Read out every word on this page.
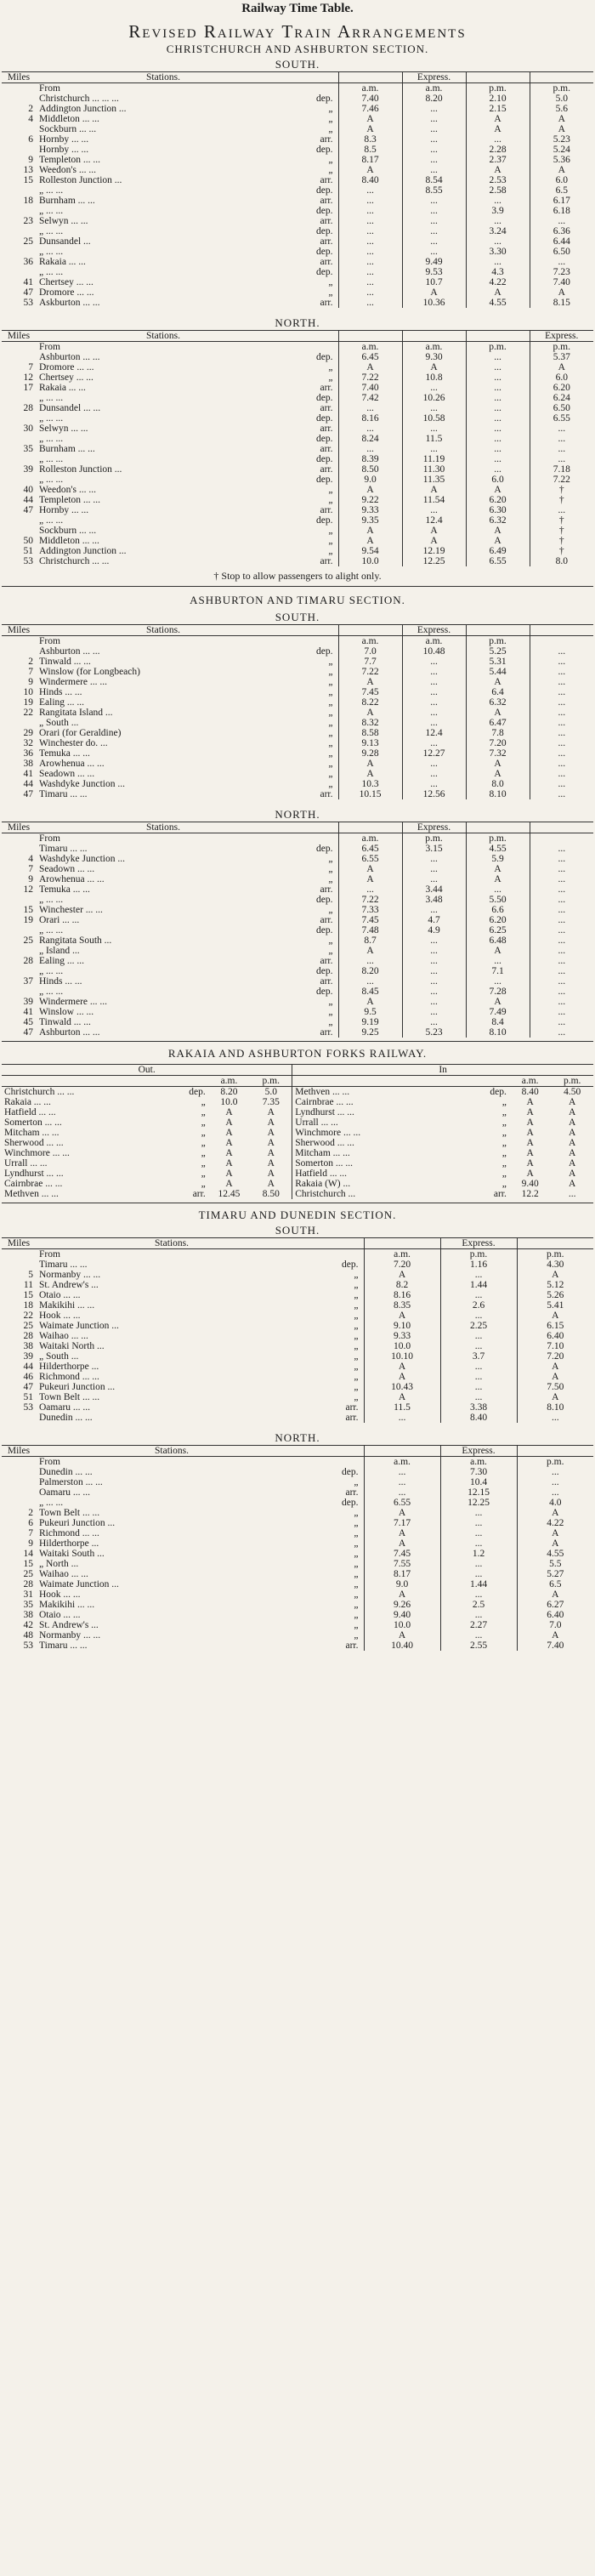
Railway Time Table.
Revised Railway Train Arrangements
CHRISTCHURCH AND ASHBURTON SECTION.
SOUTH.
Miles	Stations.			Express.		
	From		a.m.	a.m.	p.m.	p.m.
	Christchurch ... ... ...	dep.	7.40	8.20	2.10	5.0
2	Addington Junction ...	„	7.46	...	2.15	5.6
4	Middleton ... ...	„	A	...	A	A
	Sockburn ... ...	„	A	...	A	A
6	Hornby ... ...	arr.	8.3	...	...	5.23
	Hornby ... ...	dep.	8.5	...	2.28	5.24
9	Templeton ... ...	„	8.17	...	2.37	5.36
13	Weedon's ... ...	„	A	...	A	A
15	Rolleston Junction ...	arr.	8.40	8.54	2.53	6.0
	„ ... ...	dep.	...	8.55	2.58	6.5
18	Burnham ... ...	arr.	...	...	...	6.17
	„ ... ...	dep.	...	...	3.9	6.18
23	Selwyn ... ...	arr.	...	...	...	...
	„ ... ...	dep.	...	...	3.24	6.36
25	Dunsandel ...	arr.	...	...	...	6.44
	„ ... ...	dep.	...	...	3.30	6.50
36	Rakaia ... ...	arr.	...	9.49	...	...
	„ ... ...	dep.	...	9.53	4.3	7.23
41	Chertsey ... ...	„	...	10.7	4.22	7.40
47	Dromore ... ...	„	...	A	A	A
53	Askburton ... ...	arr.	...	10.36	4.55	8.15
NORTH.
Miles	Stations.					Express.
	From		a.m.	a.m.	p.m.	p.m.
	Ashburton ... ...	dep.	6.45	9.30	...	5.37
7	Dromore ... ...	„	A	A	...	A
12	Chertsey ... ...	„	7.22	10.8	...	6.0
17	Rakaia ... ...	arr.	7.40	...	...	6.20
	„ ... ...	dep.	7.42	10.26	...	6.24
28	Dunsandel ... ...	arr.	...	...	...	6.50
	„ ... ...	dep.	8.16	10.58	...	6.55
30	Selwyn ... ...	arr.	...	...	...	...
	„ ... ...	dep.	8.24	11.5	...	...
35	Burnham ... ...	arr.	...	...	...	...
	„ ... ...	dep.	8.39	11.19	...	...
39	Rolleston Junction ...	arr.	8.50	11.30	...	7.18
	„ ... ...	dep.	9.0	11.35	6.0	7.22
40	Weedon's ... ...	„	A	A	A	†
44	Templeton ... ...	„	9.22	11.54	6.20	†
47	Hornby ... ...	arr.	9.33	...	6.30	...
	„ ... ...	dep.	9.35	12.4	6.32	†
	Sockburn ... ...	„	A	A	A	†
50	Middleton ... ...	„	A	A	A	†
51	Addington Junction ...	„	9.54	12.19	6.49	†
53	Christchurch ... ...	arr.	10.0	12.25	6.55	8.0
† Stop to allow passengers to alight only.
ASHBURTON AND TIMARU SECTION.
SOUTH.
Miles	Stations.			Express.		
	From		a.m.	a.m.	p.m.	
	Ashburton ... ...	dep.	7.0	10.48	5.25	...
2	Tinwald ... ...	„	7.7	...	5.31	...
7	Winslow (for Longbeach)	„	7.22	...	5.44	...
9	Windermere ... ...	„	A	...	A	...
10	Hinds ... ...	„	7.45	...	6.4	...
19	Ealing ... ...	„	8.22	...	6.32	...
22	Rangitata Island ...	„	A	...	A	...
	„ South ...	„	8.32	...	6.47	...
29	Orari (for Geraldine)	„	8.58	12.4	7.8	...
32	Winchester do. ...	„	9.13	...	7.20	...
36	Temuka ... ...	„	9.28	12.27	7.32	...
38	Arowhenua ... ...	„	A	...	A	...
41	Seadown ... ...	„	A	...	A	...
44	Washdyke Junction ...	„	10.3	...	8.0	...
47	Timaru ... ...	arr.	10.15	12.56	8.10	...
NORTH.
Miles	Stations.			Express.		
	From		a.m.	p.m.	p.m.	
	Timaru ... ...	dep.	6.45	3.15	4.55	...
4	Washdyke Junction ...	„	6.55	...	5.9	...
7	Seadown ... ...	„	A	...	A	...
9	Arowhenua ... ...	„	A	...	A	...
12	Temuka ... ...	arr.	...	3.44	...	...
	„ ... ...	dep.	7.22	3.48	5.50	...
15	Winchester ... ...	„	7.33	...	6.6	...
19	Orari ... ...	arr.	7.45	4.7	6.20	...
	„ ... ...	dep.	7.48	4.9	6.25	...
25	Rangitata South ...	„	8.7	...	6.48	...
	„ Island ...	„	A	...	A	...
28	Ealing ... ...	arr.	...	...	...	...
	„ ... ...	dep.	8.20	...	7.1	...
37	Hinds ... ...	arr.	...	...	...	...
	„ ... ...	dep.	8.45	...	7.28	...
39	Windermere ... ...	„	A	...	A	...
41	Winslow ... ...	„	9.5	...	7.49	...
45	Tinwald ... ...	„	9.19	...	8.4	...
47	Ashburton ... ...	arr.	9.25	5.23	8.10	...
RAKAIA AND ASHBURTON FORKS RAILWAY.
Out.				In			
		a.m.	p.m.			a.m.	p.m.
Christchurch ... ...	dep.	8.20	5.0	Methven ... ...	dep.	8.40	4.50
Rakaia ... ...	„	10.0	7.35	Cairnbrae ... ...	„	A	A
Hatfield ... ...	„	A	A	Lyndhurst ... ...	„	A	A
Somerton ... ...	„	A	A	Urrall ... ...	„	A	A
Mitcham ... ...	„	A	A	Winchmore ... ...	„	A	A
Sherwood ... ...	„	A	A	Sherwood ... ...	„	A	A
Winchmore ... ...	„	A	A	Mitcham ... ...	„	A	A
Urrall ... ...	„	A	A	Somerton ... ...	„	A	A
Lyndhurst ... ...	„	A	A	Hatfield ... ...	„	A	A
Cairnbrae ... ...	„	A	A	Rakaia (W) ...	„	9.40	A
Methven ... ...	arr.	12.45	8.50	Christchurch ...	arr.	12.2	...
TIMARU AND DUNEDIN SECTION.
SOUTH.
Miles	Stations.			Express.	
	From		a.m.	p.m.	p.m.
	Timaru ... ...	dep.	7.20	1.16	4.30
5	Normanby ... ...	„	A	...	A
11	St. Andrew's ...	„	8.2	1.44	5.12
15	Otaio ... ...	„	8.16	...	5.26
18	Makikihi ... ...	„	8.35	2.6	5.41
22	Hook ... ...	„	A	...	A
25	Waimate Junction ...	„	9.10	2.25	6.15
28	Waihao ... ...	„	9.33	...	6.40
38	Waitaki North ...	„	10.0	...	7.10
39	„ South ...	„	10.10	3.7	7.20
44	Hilderthorpe ...	„	A	...	A
46	Richmond ... ...	„	A	...	A
47	Pukeuri Junction ...	„	10.43	...	7.50
51	Town Belt ... ...	„	A	...	A
53	Oamaru ... ...	arr.	11.5	3.38	8.10
	Dunedin ... ...	arr.	...	8.40	...
NORTH.
Miles	Stations.			Express.	
	From		a.m.	a.m.	p.m.
	Dunedin ... ...	dep.	...	7.30	...
	Palmerston ... ...	„	...	10.4	...
	Oamaru ... ...	arr.	...	12.15	...
	„ ... ...	dep.	6.55	12.25	4.0
2	Town Belt ... ...	„	A	...	A
6	Pukeuri Junction ...	„	7.17	...	4.22
7	Richmond ... ...	„	A	...	A
9	Hilderthorpe ...	„	A	...	A
14	Waitaki South ...	„	7.45	1.2	4.55
15	„ North ...	„	7.55	...	5.5
25	Waihao ... ...	„	8.17	...	5.27
28	Waimate Junction ...	„	9.0	1.44	6.5
31	Hook ... ...	„	A	...	A
35	Makikihi ... ...	„	9.26	2.5	6.27
38	Otaio ... ...	„	9.40	...	6.40
42	St. Andrew's ...	„	10.0	2.27	7.0
48	Normanby ... ...	„	A	...	A
53	Timaru ... ...	arr.	10.40	2.55	7.40
